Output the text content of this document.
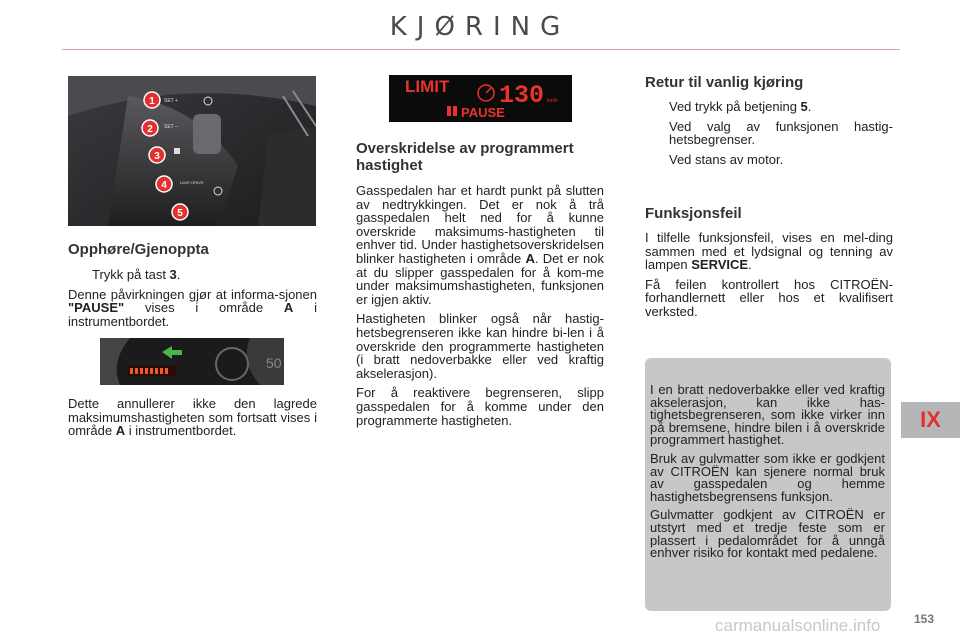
KJØRING
SET +
SET –
LIMIT DRIVE
1
2
3
4
5
50
LIMIT 130 km/h
PAUSE
Opphøre/Gjenoppta
Trykk på tast 3.

Denne påvirkningen gjør at informa-sjonen "PAUSE" vises i område A i instrumentbordet.

Dette annullerer ikke den lagrede maksimumshastigheten som fortsatt vises i område A i instrumentbordet.

Overskridelse av programmert hastighet

Gasspedalen har et hardt punkt på slutten av nedtrykkingen. Det er nok å trå gasspedalen helt ned for å kunne overskride maksimums-hastigheten til enhver tid. Under hastighetsoverskridelsen blinker hastigheten i område A. Det er nok at du slipper gasspedalen for å kom-me under maksimumshastigheten, funksjonen er igjen aktiv.

Hastigheten blinker også når hastig-hetsbegrenseren ikke kan hindre bi-len i å overskride den programmerte hastigheten (i bratt nedoverbakke eller ved kraftig akselerasjon).

For å reaktivere begrenseren, slipp gasspedalen for å komme under den programmerte hastigheten.

Retur til vanlig kjøring
Ved trykk på betjening 5.
Ved valg av funksjonen hastig-hetsbegrenser.
Ved stans av motor.
Funksjonsfeil

I tilfelle funksjonsfeil, vises en mel-ding sammen med et lydsignal og tenning av lampen SERVICE.

Få feilen kontrollert hos CITROËN-forhandlernett eller hos et kvalifisert verksted.

I en bratt nedoverbakke eller ved kraftig akselerasjon, kan ikke has-tighetsbegrenseren, som ikke virker inn på bremsene, hindre bilen i å overskride programmert hastighet.

Bruk av gulvmatter som ikke er godkjent av CITROËN kan sjenere normal bruk av gasspedalen og hemme hastighetsbegrensens funksjon.

Gulvmatter godkjent av CITROËN er utstyrt med et tredje feste som er plassert i pedalområdet for å unngå enhver risiko for kontakt med pedalene.

IX
153
carmanualsonline.info
